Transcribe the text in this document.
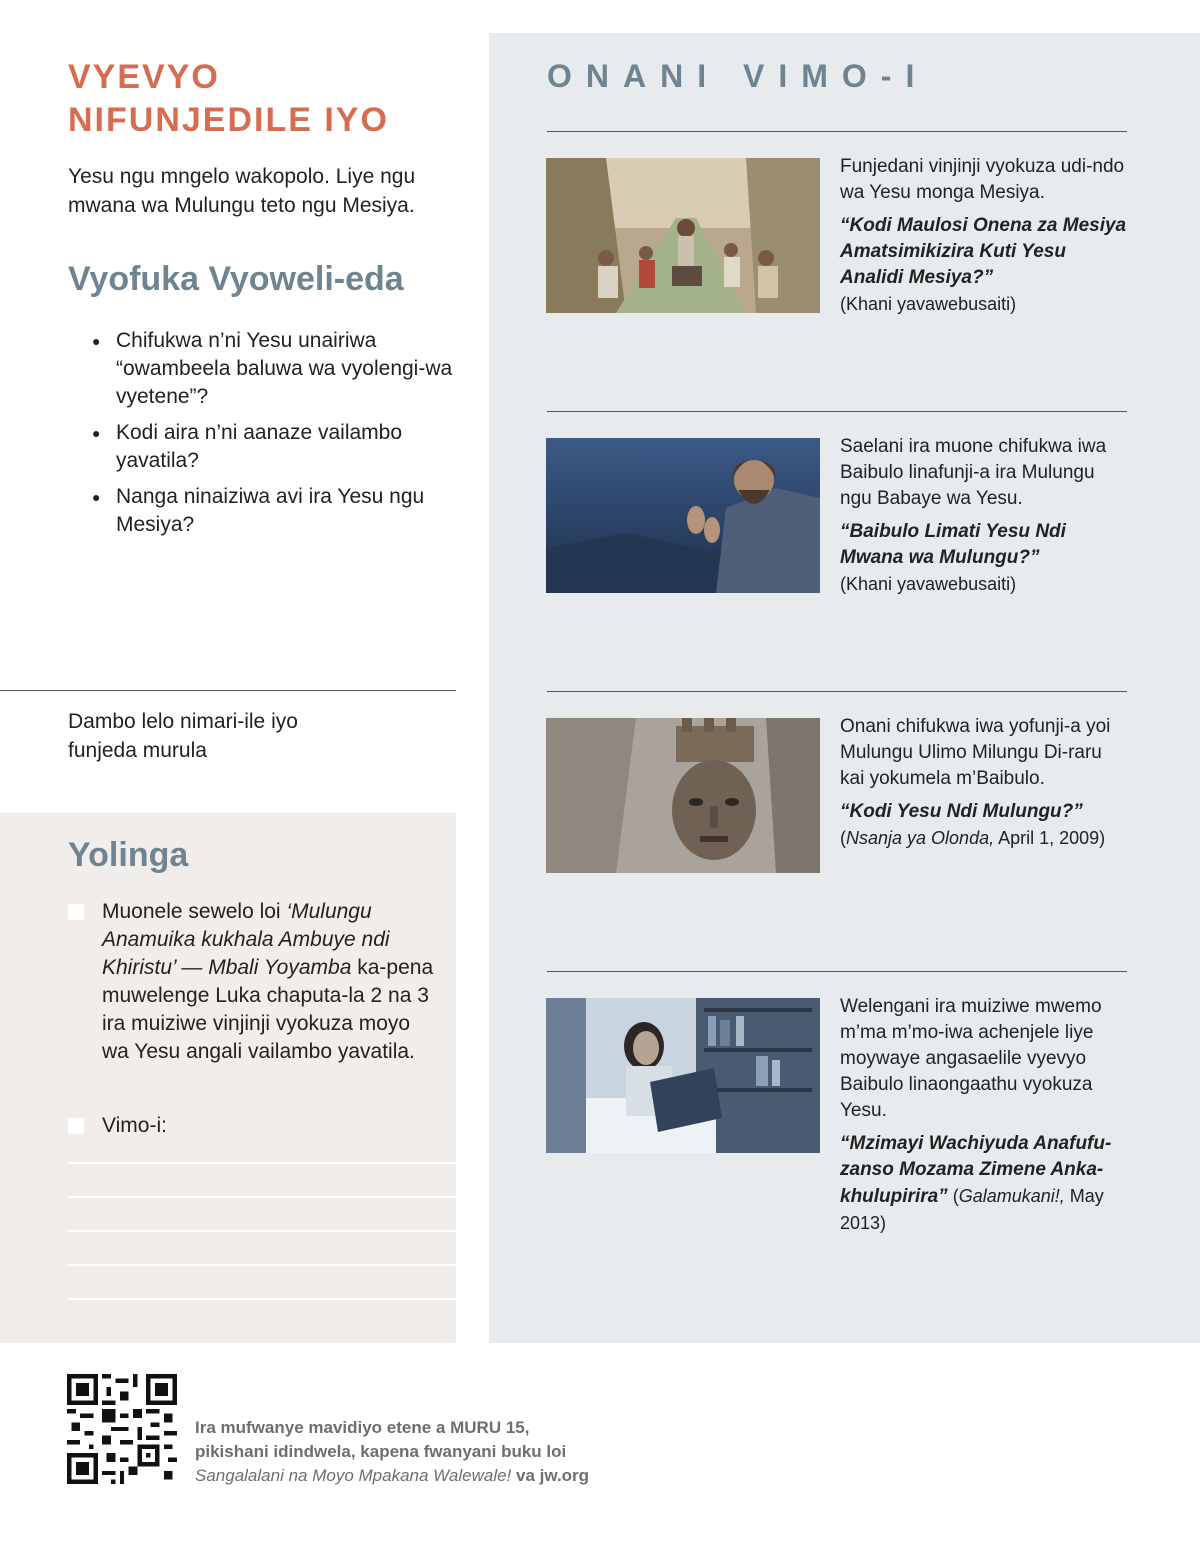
VYEVYO
NIFUNJEDILE IYO

Yesu ngu mngelo wakopolo. Liye ngu mwana wa Mulungu teto ngu Mesiya.

Vyofuka Vyoweli-eda
● Chifukwa n’ni Yesu unairiwa “owambeela baluwa wa vyolengi-wa vyetene”?
● Kodi aira n’ni aanaze vailambo yavatila?
● Nanga ninaiziwa avi ira Yesu ngu Mesiya?

Dambo lelo nimari-ile iyo funjeda murula

Yolinga
Muonele sewelo loi ‘Mulungu Anamuika kukhala Ambuye ndi Khiristu’ — Mbali Yoyamba ka-pena muwelenge Luka chaputa-la 2 na 3 ira muiziwe vinjinji vyokuza moyo wa Yesu angali vailambo yavatila.
Vimo-i:
ONANI VIMO-I
Funjedani vinjinji vyokuza udi-ndo wa Yesu monga Mesiya.
“Kodi Maulosi Onena za Mesiya Amatsimikizira Kuti Yesu Analidi Mesiya?”
(Khani yavawebusaiti)
Saelani ira muone chifukwa iwa Baibulo linafunji-a ira Mulungu ngu Babaye wa Yesu.
“Baibulo Limati Yesu Ndi Mwana wa Mulungu?”
(Khani yavawebusaiti)
Onani chifukwa iwa yofunji-a yoi Mulungu Ulimo Milungu Di-raru kai yokumela m’Baibulo.
“Kodi Yesu Ndi Mulungu?”
(Nsanja ya Olonda, April 1, 2009)
Welengani ira muiziwe mwemo m’ma m’mo-iwa achenjele liye moywaye angasaelile vyevyo Baibulo linaongaathu vyokuza Yesu.
“Mzimayi Wachiyuda Anafufu-zanso Mozama Zimene Anka-khulupirira” (Galamukani!, May 2013)

Ira mufwanye mavidiyo etene a MURU 15,
pikishani idindwela, kapena fwanyani buku loi
Sangalalani na Moyo Mpakana Walewale! va jw.org
